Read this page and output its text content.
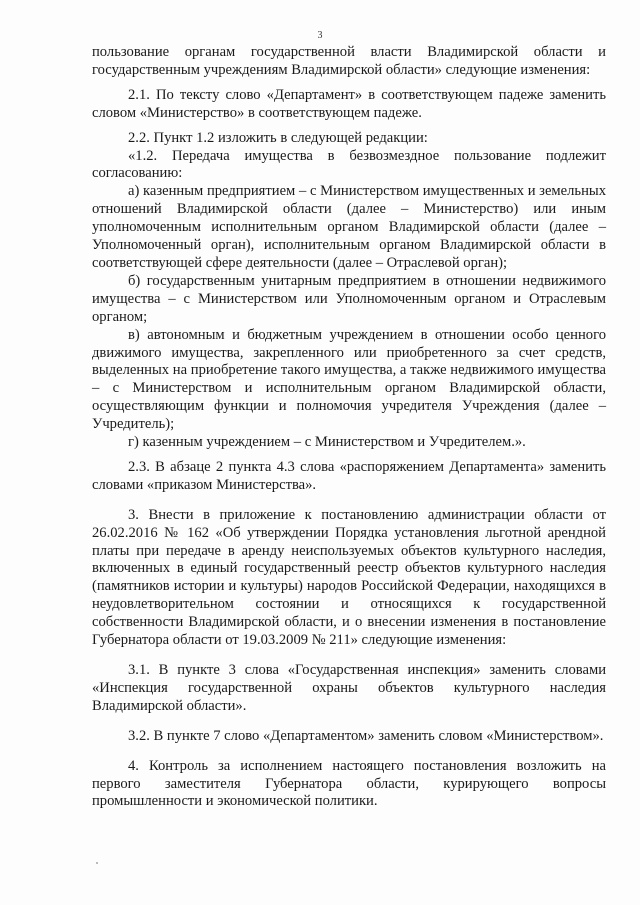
3

пользование органам государственной власти Владимирской области и государственным учреждениям Владимирской области» следующие изменения:

2.1. По тексту слово «Департамент» в соответствующем падеже заменить словом «Министерство» в соответствующем падеже.

2.2. Пункт 1.2 изложить в следующей редакции:

«1.2. Передача имущества в безвозмездное пользование подлежит согласованию:

а) казенным предприятием – с Министерством имущественных и земельных отношений Владимирской области (далее – Министерство) или иным уполномоченным исполнительным органом Владимирской области (далее – Уполномоченный орган), исполнительным органом Владимирской области в соответствующей сфере деятельности (далее – Отраслевой орган);

б) государственным унитарным предприятием в отношении недвижимого имущества – с Министерством или Уполномоченным органом и Отраслевым органом;

в) автономным и бюджетным учреждением в отношении особо ценного движимого имущества, закрепленного или приобретенного за счет средств, выделенных на приобретение такого имущества, а также недвижимого имущества – с Министерством и исполнительным органом Владимирской области, осуществляющим функции и полномочия учредителя Учреждения (далее – Учредитель);

г) казенным учреждением – с Министерством и Учредителем.».

2.3. В абзаце 2 пункта 4.3 слова «распоряжением Департамента» заменить словами «приказом Министерства».

3. Внести в приложение к постановлению администрации области от 26.02.2016 № 162 «Об утверждении Порядка установления льготной арендной платы при передаче в аренду неиспользуемых объектов культурного наследия, включенных в единый государственный реестр объектов культурного наследия (памятников истории и культуры) народов Российской Федерации, находящихся в неудовлетворительном состоянии и относящихся к государственной собственности Владимирской области, и о внесении изменения в постановление Губернатора области от 19.03.2009 № 211» следующие изменения:

3.1. В пункте 3 слова «Государственная инспекция» заменить словами «Инспекция государственной охраны объектов культурного наследия Владимирской области».

3.2. В пункте 7 слово «Департаментом» заменить словом «Министерством».

4. Контроль за исполнением настоящего постановления возложить на первого заместителя Губернатора области, курирующего вопросы промышленности и экономической политики.
